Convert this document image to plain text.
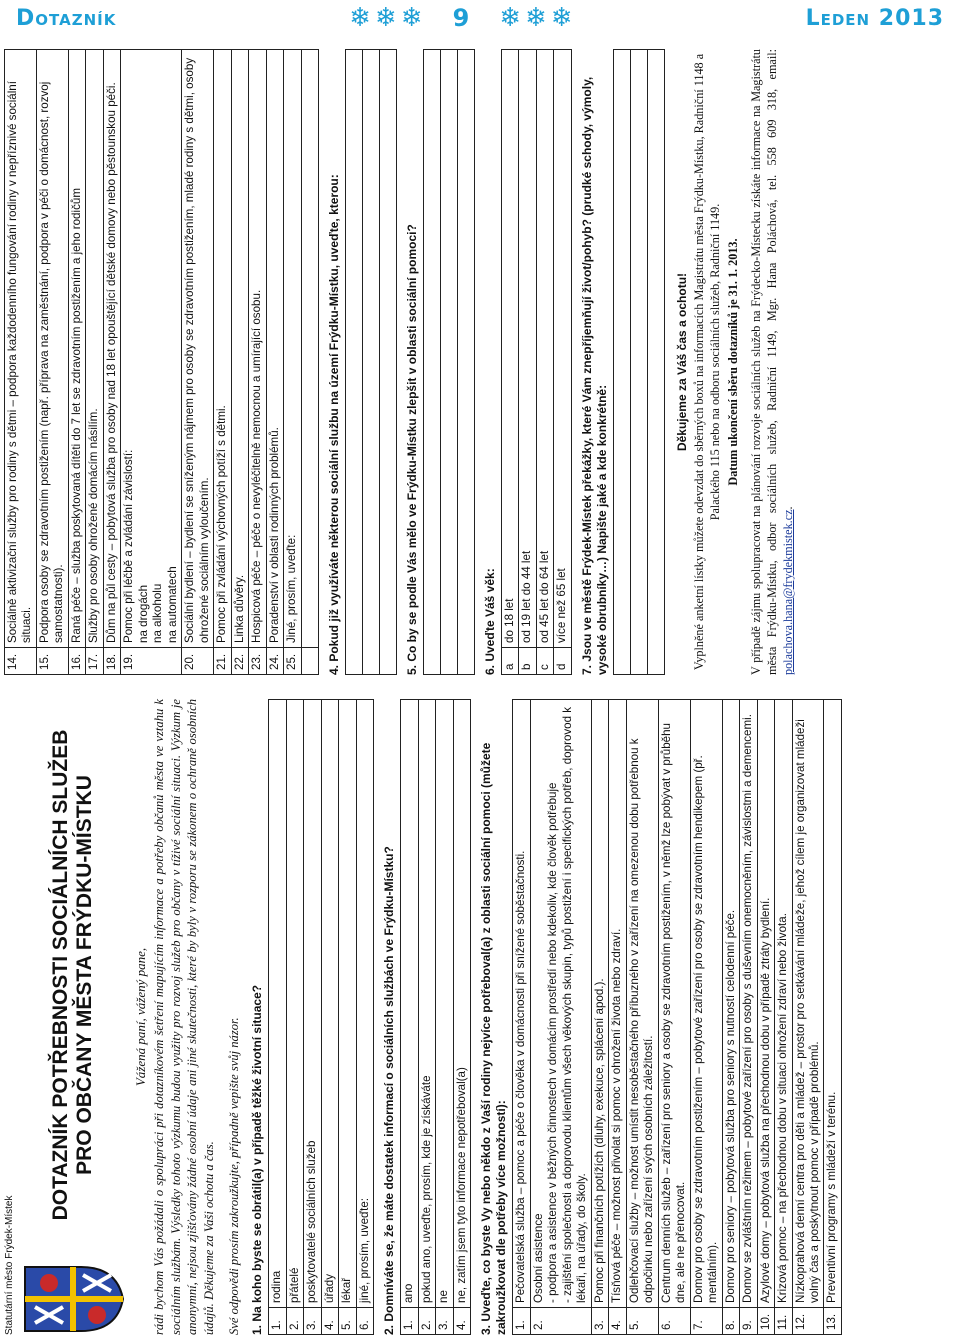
Dotazník	❄ ❄ ❄ 9 ❄ ❄ ❄	Leden 2013
Statutární město Frýdek-Místek
DOTAZNÍK POTŘEBNOSTI SOCIÁLNÍCH SLUŽEB PRO OBČANY MĚSTA FRÝDKU-MÍSTKU	Vážená paní, vážený pane, rádi bychom Vás požádali o spolupráci při dotazníkovém šetření mapujícím informace a potřeby občanů města ve vztahu k sociálním službám. Výsledky tohoto výzkumu budou využity pro rozvoj služeb pro občany v tíživé sociální situaci. Výzkum je anonymní, nejsou zjišťovány žádné osobní údaje ani jiné skutečnosti, které by byly v rozporu se zákonem o ochraně osobních údajů. Děkujeme za Vaši ochotu a čas. Své odpovědi prosím zakroužkujte, případně vepište svůj názor. 1. Na koho byste se obrátil(a) v případě těžké životní situace? 1.	rodina
2.	přátelé
3.	poskytovatelé sociálních služeb
4.	úřady
5.	lékař
6.	jiné, prosím, uveďte: 2. Domníváte se, že máte dostatek informací o sociálních službách ve Frýdku-Místku? 1.	ano
2.	pokud ano, uveďte, prosím, kde je získáváte
3.	ne
4.	ne, zatím jsem tyto informace nepotřeboval(a) 3. Uveďte, co byste Vy nebo někdo z Vaší rodiny nejvíce potřeboval(a) z oblasti sociální pomoci (můžete zakroužkovat dle potřeby více možností): 1.	Pečovatelská služba – pomoc a péče o člověka v domácnosti při snížené soběstačnosti.
2.	Osobní asistence - podpora a asistence v běžných činnostech v domácím prostředí nebo kdekoliv, kde člověk potřebuje - zajištění společnosti a doprovodu klientům všech věkových skupin, typů postižení i specifických potřeb, doprovod k lékaři, na úřady, do školy.

3.	Pomoc při finančních potížích (dluhy, exekuce, splácení apod.).
4.	Tísňová péče – možnost přivolat si pomoc v ohrožení života nebo zdraví.
5.	Odlehčovací služby – možnost umístit nesoběstačného příbuzného v zařízení na omezenou dobu potřebnou k odpočinku nebo zařízení svých osobních záležitostí.
6.	Centrum denních služeb – zařízení pro seniory a osoby se zdravotním postižením, v němž lze pobývat v průběhu dne, ale ne přenocovat.
7.	Domov pro osoby se zdravotním postižením – pobytové zařízení pro osoby se zdravotním hendikepem (př. mentálním).
8.	Domov pro seniory – pobytová služba pro seniory s nutností celodenní péče.
9.	Domov se zvláštním režimem – pobytové zařízení pro osoby s duševním onemocněním, závislostmi a demencemi.
10.	Azylové domy – pobytová služba na přechodnou dobu v případě ztráty bydlení.
11.	Krizová pomoc – na přechodnou dobu v situaci ohrožení zdraví nebo života.
12.	Nízkoprahová denní centra pro děti a mládež – prostor pro setkávání mládeže, jehož cílem je organizovat mládeži volný čas a poskytnout pomoc v případě problémů.
13.	Preventivní programy s mládeží v terénu.
14.	Sociálně aktivizační služby pro rodiny s dětmi – podpora každodenního fungování rodiny v nepříznivé sociální situaci.
15.	Podpora osoby se zdravotním postižením (např. příprava na zaměstnání, podpora v péči o domácnost, rozvoj samostatnosti).
16.	Raná péče – služba poskytovaná dítěti do 7 let se zdravotním postižením a jeho rodičům
17.	Služby pro osoby ohrožené domácím násilím.
18.	Dům na půl cesty – pobytová služba pro osoby nad 18 let opouštějící dětské domovy nebo pěstounskou péči.
19.	Pomoc při léčbě a zvládání závislostí: na drogách na alkoholu na automatech

20.	Sociální bydlení – bydlení se sníženým nájmem pro osoby se zdravotním postižením, mladé rodiny s dětmi, osoby ohrožené sociálním vyloučením.
21.	Pomoc při zvládání výchovných potíží s dětmi.
22.	Linka důvěry.
23.	Hospicová péče – péče o nevyléčitelně nemocnou a umírající osobu.
24.	Poradenství v oblasti rodinných problémů.
25.	Jiné, prosím, uveďte:
	4. Pokud již využíváte některou sociální službu na území Frýdku-Místku, uveďte, kterou:	5. Co by se podle Vás mělo ve Frýdku-Místku zlepšit v oblasti sociální pomoci?	6. Uveďte Váš věk: a	do 18 let
b	od 19 let do 44 let
c	od 45 let do 64 let
d	více než 65 let 7. Jsou ve městě Frýdek-Místek překážky, které Vám znepříjemňují život/pohyb? (prudké schody, výmoly, vysoké obrubníky…) Napište jaké a kde konkrétně:

Děkujeme za Váš čas a ochotu! Vyplněné anketní lístky můžete odevzdat do sběrných boxů na informacích Magistrátu města Frýdku-Místku, Radniční 1148 a Palackého 115 nebo na odboru sociálních služeb, Radniční 1149. Datum ukončení sběru dotazníků je 31. 1. 2013. V případě zájmu spolupracovat na plánování rozvoje sociálních služeb na Frýdecko-Místecku získáte informace na Magistrátu města Frýdku-Místku, odbor sociálních služeb, Radniční 1149, Mgr. Hana Poláchová, tel. 558 609 318, email: polachova.hana@frydekmistek.cz.
